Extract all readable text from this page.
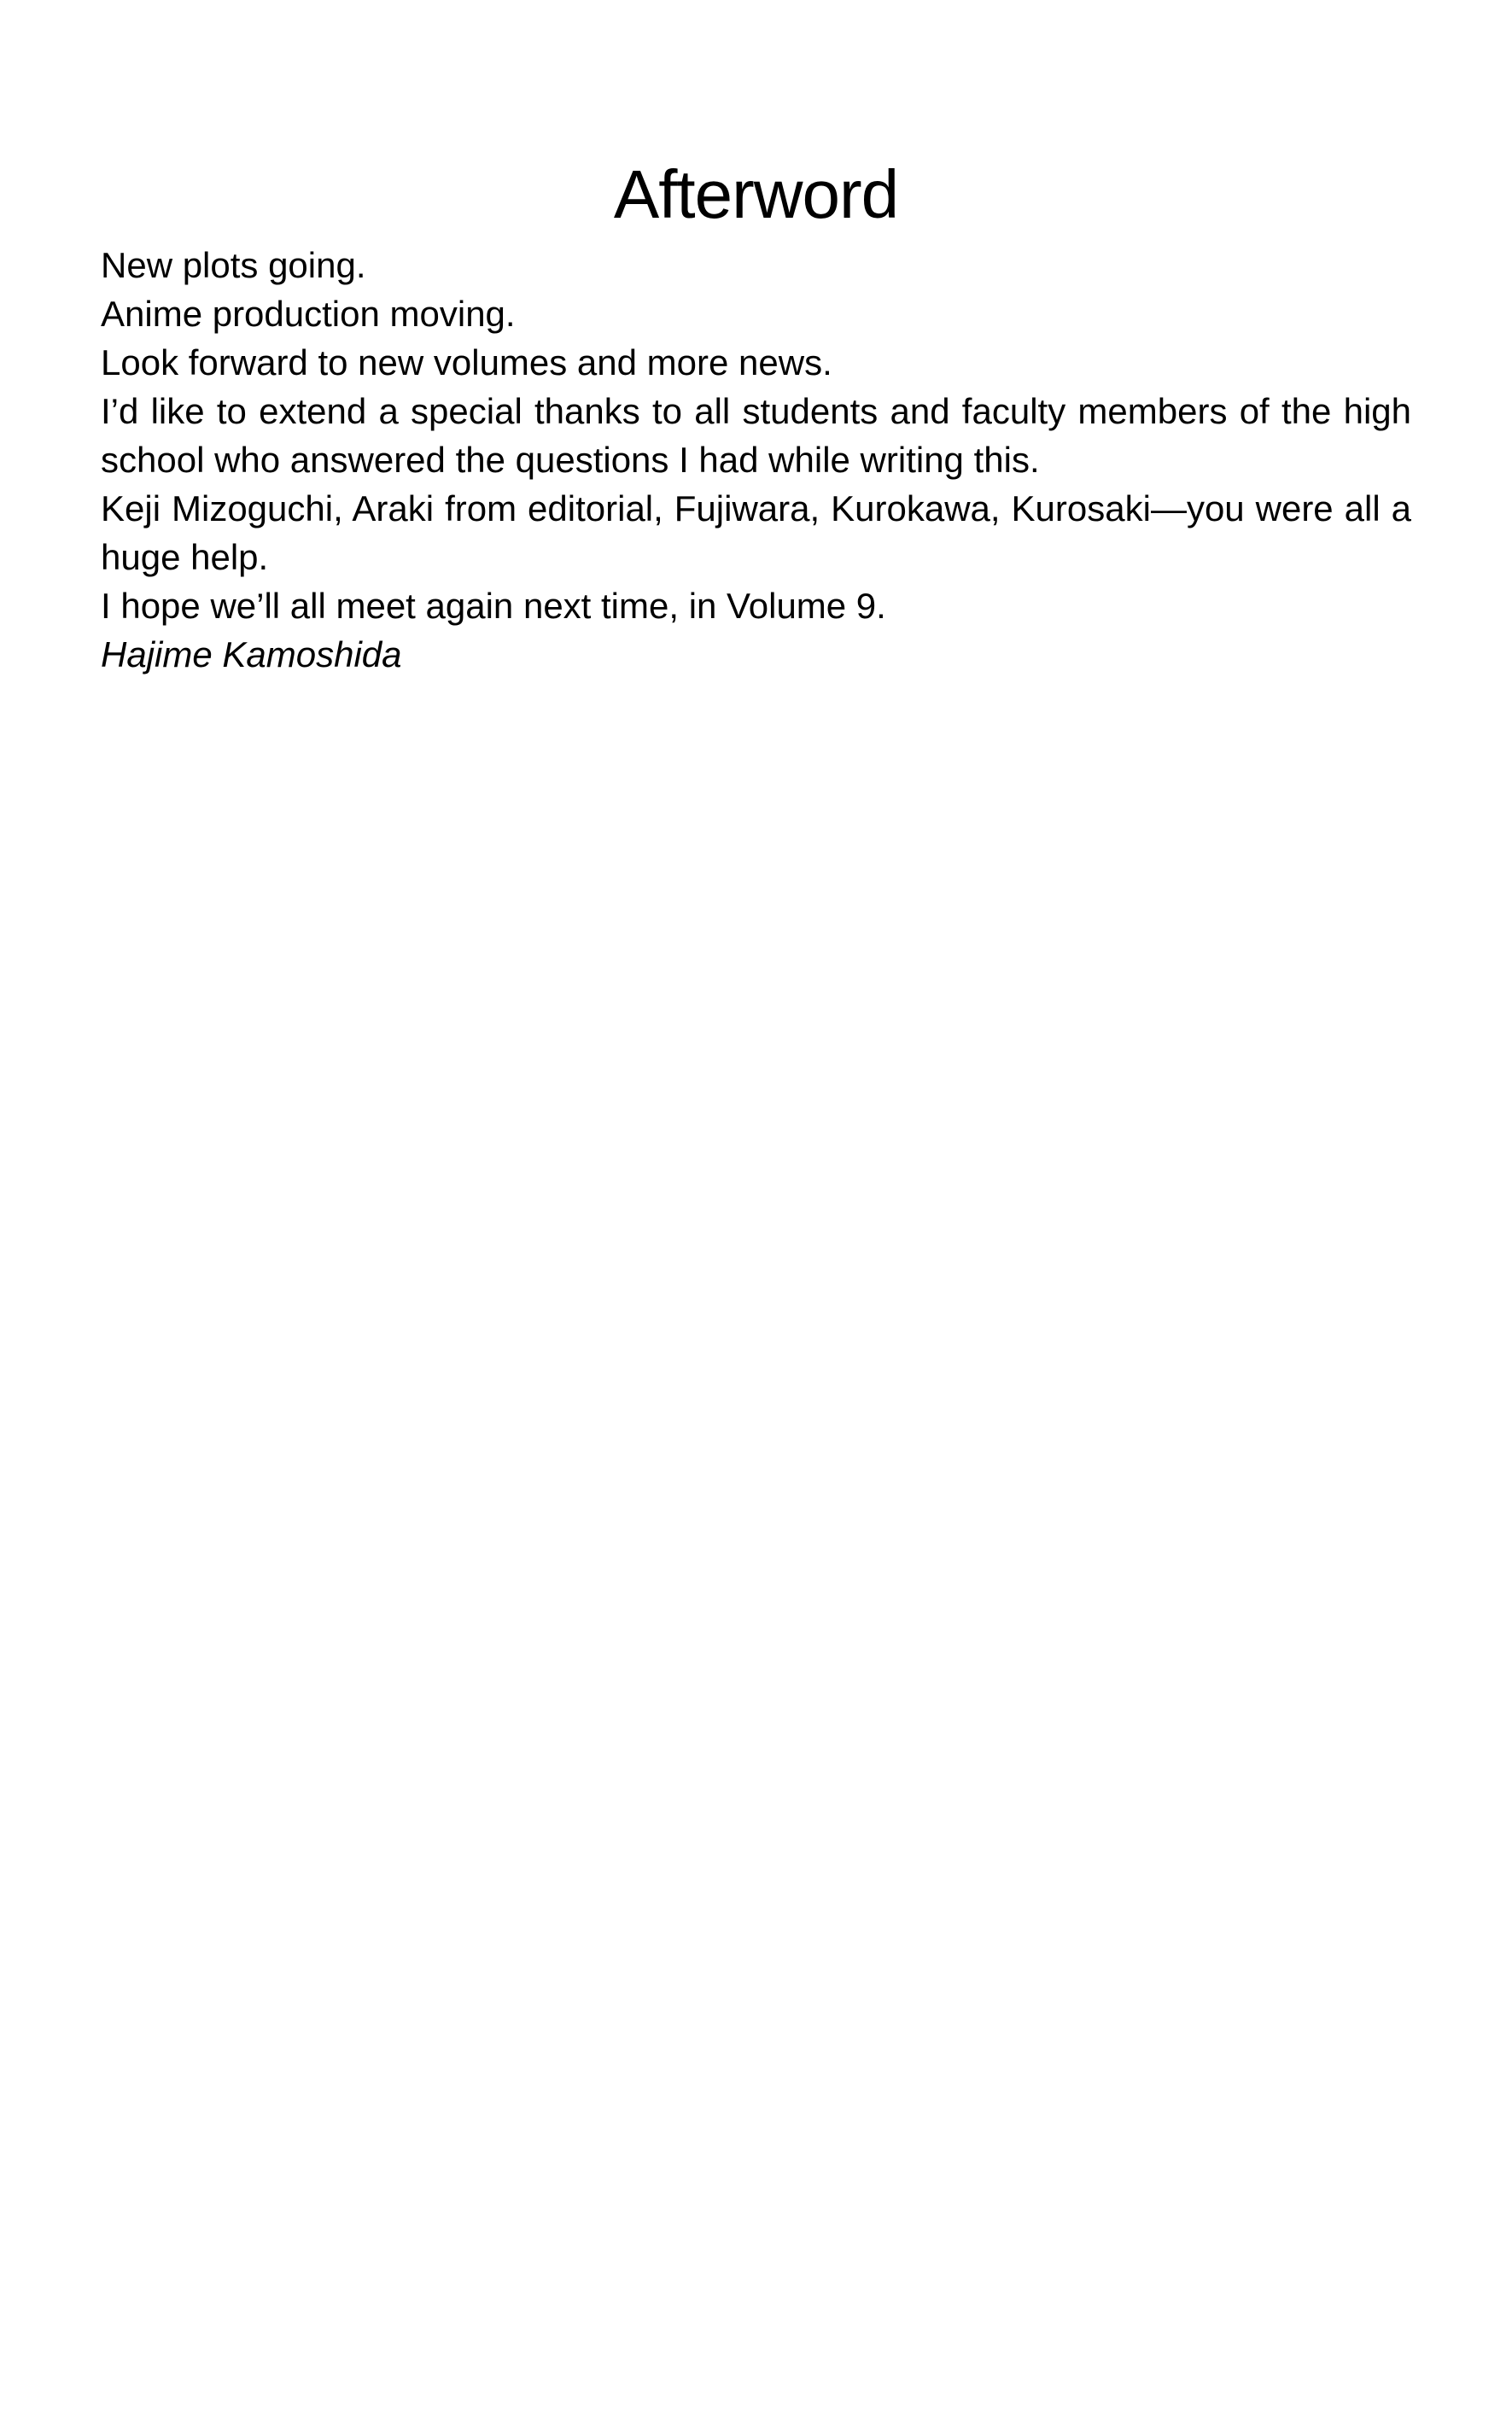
Afterword
New plots going.
Anime production moving.
Look forward to new volumes and more news.
I’d like to extend a special thanks to all students and faculty members of the high
school who answered the questions I had while writing this.
Keji Mizoguchi, Araki from editorial, Fujiwara, Kurokawa, Kurosaki—you were all a
huge help.
I hope we’ll all meet again next time, in Volume 9.
Hajime Kamoshida
